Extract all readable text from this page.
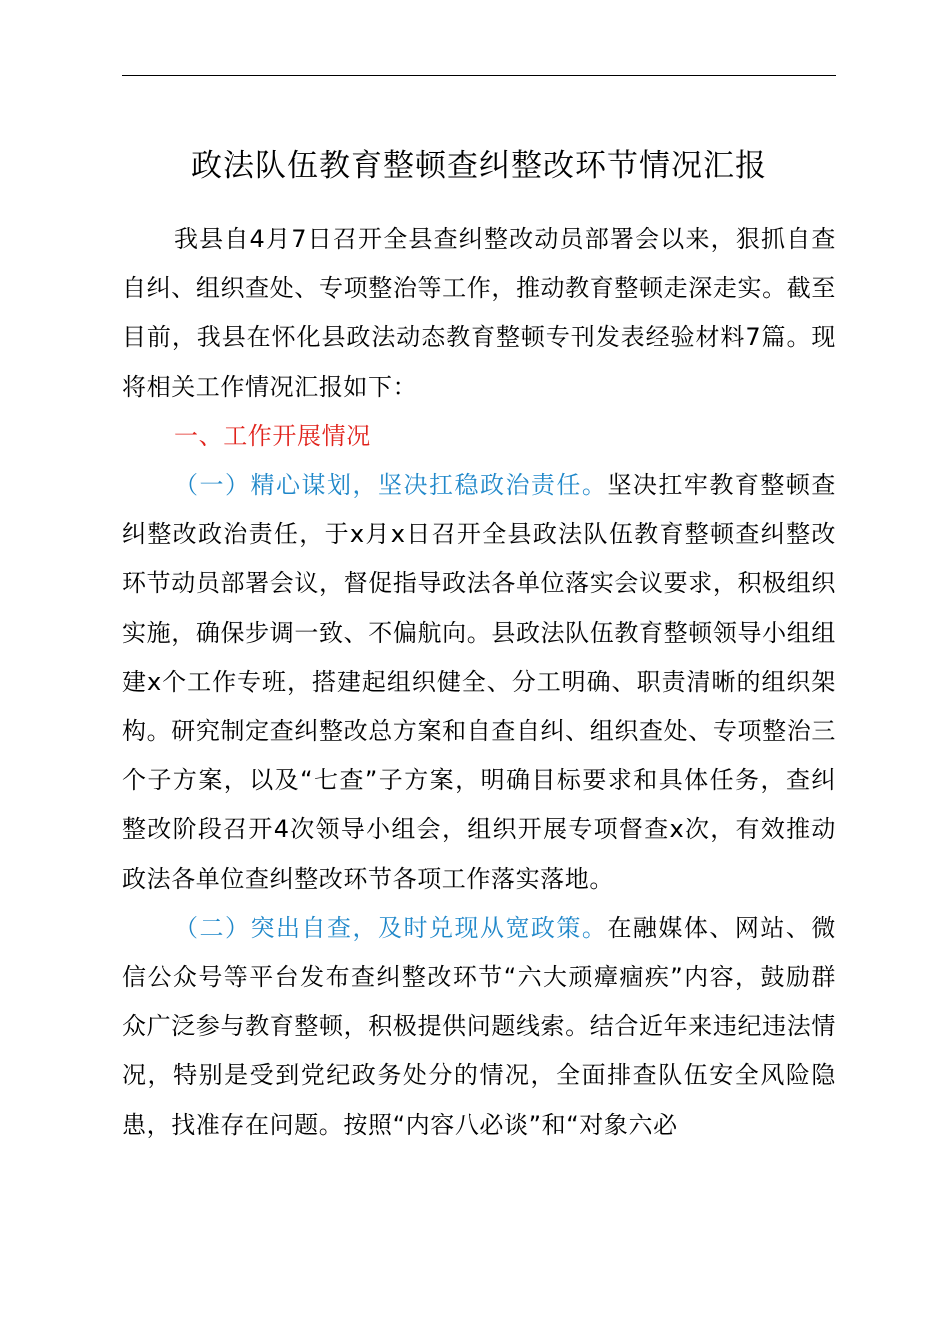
政法队伍教育整顿查纠整改环节情况汇报

我县自4月7日召开全县查纠整改动员部署会以来，狠抓自查自纠、组织查处、专项整治等工作，推动教育整顿走深走实。截至目前，我县在怀化县政法动态教育整顿专刊发表经验材料7篇。现将相关工作情况汇报如下：

一、工作开展情况

（一）精心谋划，坚决扛稳政治责任。坚决扛牢教育整顿查纠整改政治责任，于x月x日召开全县政法队伍教育整顿查纠整改环节动员部署会议，督促指导政法各单位落实会议要求，积极组织实施，确保步调一致、不偏航向。县政法队伍教育整顿领导小组组建x个工作专班，搭建起组织健全、分工明确、职责清晰的组织架构。研究制定查纠整改总方案和自查自纠、组织查处、专项整治三个子方案，以及“七查”子方案，明确目标要求和具体任务，查纠整改阶段召开4次领导小组会，组织开展专项督查x次，有效推动政法各单位查纠整改环节各项工作落实落地。

（二）突出自查，及时兑现从宽政策。在融媒体、网站、微信公众号等平台发布查纠整改环节“六大顽瘴痼疾”内容，鼓励群众广泛参与教育整顿，积极提供问题线索。结合近年来违纪违法情况，特别是受到党纪政务处分的情况，全面排查队伍安全风险隐患，找准存在问题。按照“内容八必谈”和“对象六必
